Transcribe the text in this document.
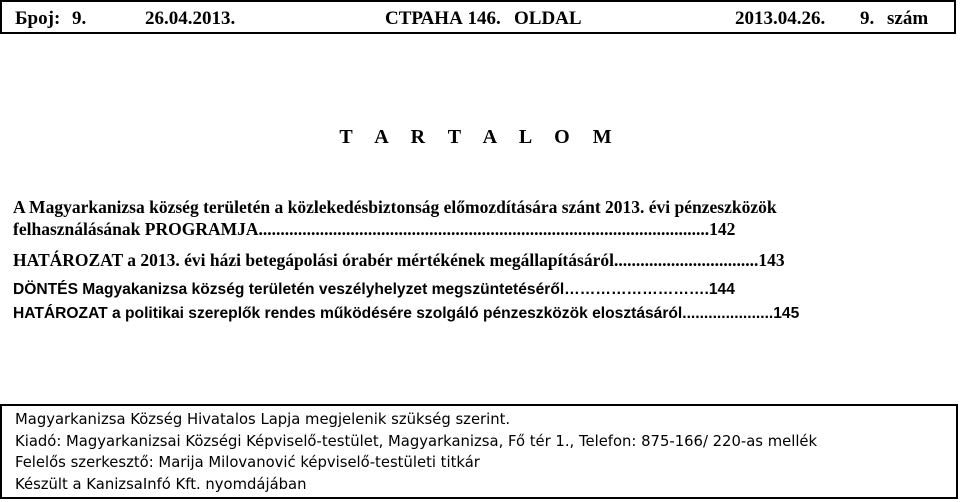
Број: 9.	26.04.2013.	СТРАНА 146. OLDAL	2013.04.26. 9. szám
T A R T A L O M
A Magyarkanizsa község területén a közlekedésbiztonság előmozdítására szánt 2013. évi pénzeszközök
felhasználásának PROGRAMJA.......................................................................................................142
HATÁROZAT a 2013. évi házi betegápolási órabér mértékének megállapításáról.................................143
DÖNTÉS Magyakanizsa község területén veszélyhelyzet megszüntetéséről……………………….144
HATÁROZAT a politikai szereplők rendes működésére szolgáló pénzeszközök elosztásáról.....................145
Magyarkanizsa Község Hivatalos Lapja megjelenik szükség szerint.
Kiadó: Magyarkanizsai Községi Képviselő-testület, Magyarkanizsa, Fő tér 1., Telefon: 875-166/ 220-as mellék
Felelős szerkesztő: Marija Milovanović képviselő-testületi titkár
Készült a KanizsaInfó Kft. nyomdájában
